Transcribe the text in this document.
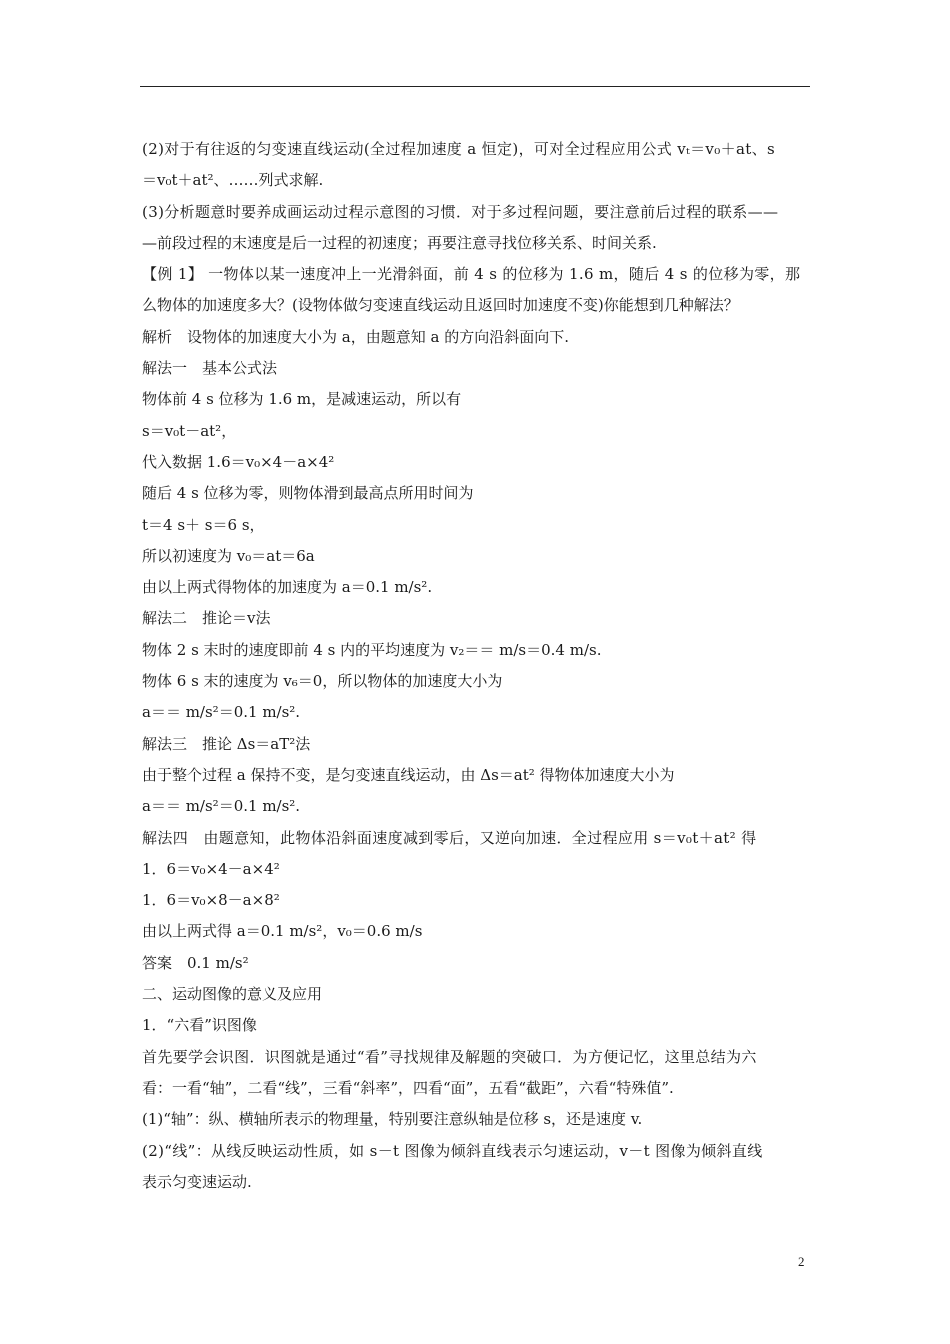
(2)对于有往返的匀变速直线运动(全过程加速度 a 恒定)，可对全过程应用公式 vₜ＝v₀＋at、s
＝v₀t＋at²、……列式求解.
(3)分析题意时要养成画运动过程示意图的习惯．对于多过程问题，要注意前后过程的联系——
—前段过程的末速度是后一过程的初速度；再要注意寻找位移关系、时间关系.
【例 1】 一物体以某一速度冲上一光滑斜面，前 4 s 的位移为 1.6 m，随后 4 s 的位移为零，那
么物体的加速度多大？(设物体做匀变速直线运动且返回时加速度不变)你能想到几种解法？
解析　设物体的加速度大小为 a，由题意知 a 的方向沿斜面向下.
解法一　基本公式法
物体前 4 s 位移为 1.6 m，是减速运动，所以有
s＝v₀t－at²，
代入数据 1.6＝v₀×4－a×4²
随后 4 s 位移为零，则物体滑到最高点所用时间为
t＝4 s＋ s＝6 s，
所以初速度为 v₀＝at＝6a
由以上两式得物体的加速度为 a＝0.1 m/s².
解法二　推论＝v法
物体 2 s 末时的速度即前 4 s 内的平均速度为 v₂＝＝ m/s＝0.4 m/s.
物体 6 s 末的速度为 v₆＝0，所以物体的加速度大小为
a＝＝ m/s²＝0.1 m/s².
解法三　推论 Δs＝aT²法
由于整个过程 a 保持不变，是匀变速直线运动，由 Δs＝at² 得物体加速度大小为
a＝＝ m/s²＝0.1 m/s².
解法四　由题意知，此物体沿斜面速度减到零后，又逆向加速．全过程应用 s＝v₀t＋at² 得
1．6＝v₀×4－a×4²
1．6＝v₀×8－a×8²
由以上两式得 a＝0.1 m/s²，v₀＝0.6 m/s
答案　0.1 m/s²
二、运动图像的意义及应用
1．“六看”识图像
首先要学会识图．识图就是通过“看”寻找规律及解题的突破口．为方便记忆，这里总结为六
看：一看“轴”，二看“线”，三看“斜率”，四看“面”，五看“截距”，六看“特殊值”.
(1)“轴”：纵、横轴所表示的物理量，特别要注意纵轴是位移 s，还是速度 v.
(2)“线”：从线反映运动性质，如 s－t 图像为倾斜直线表示匀速运动，v－t 图像为倾斜直线
表示匀变速运动.
2
